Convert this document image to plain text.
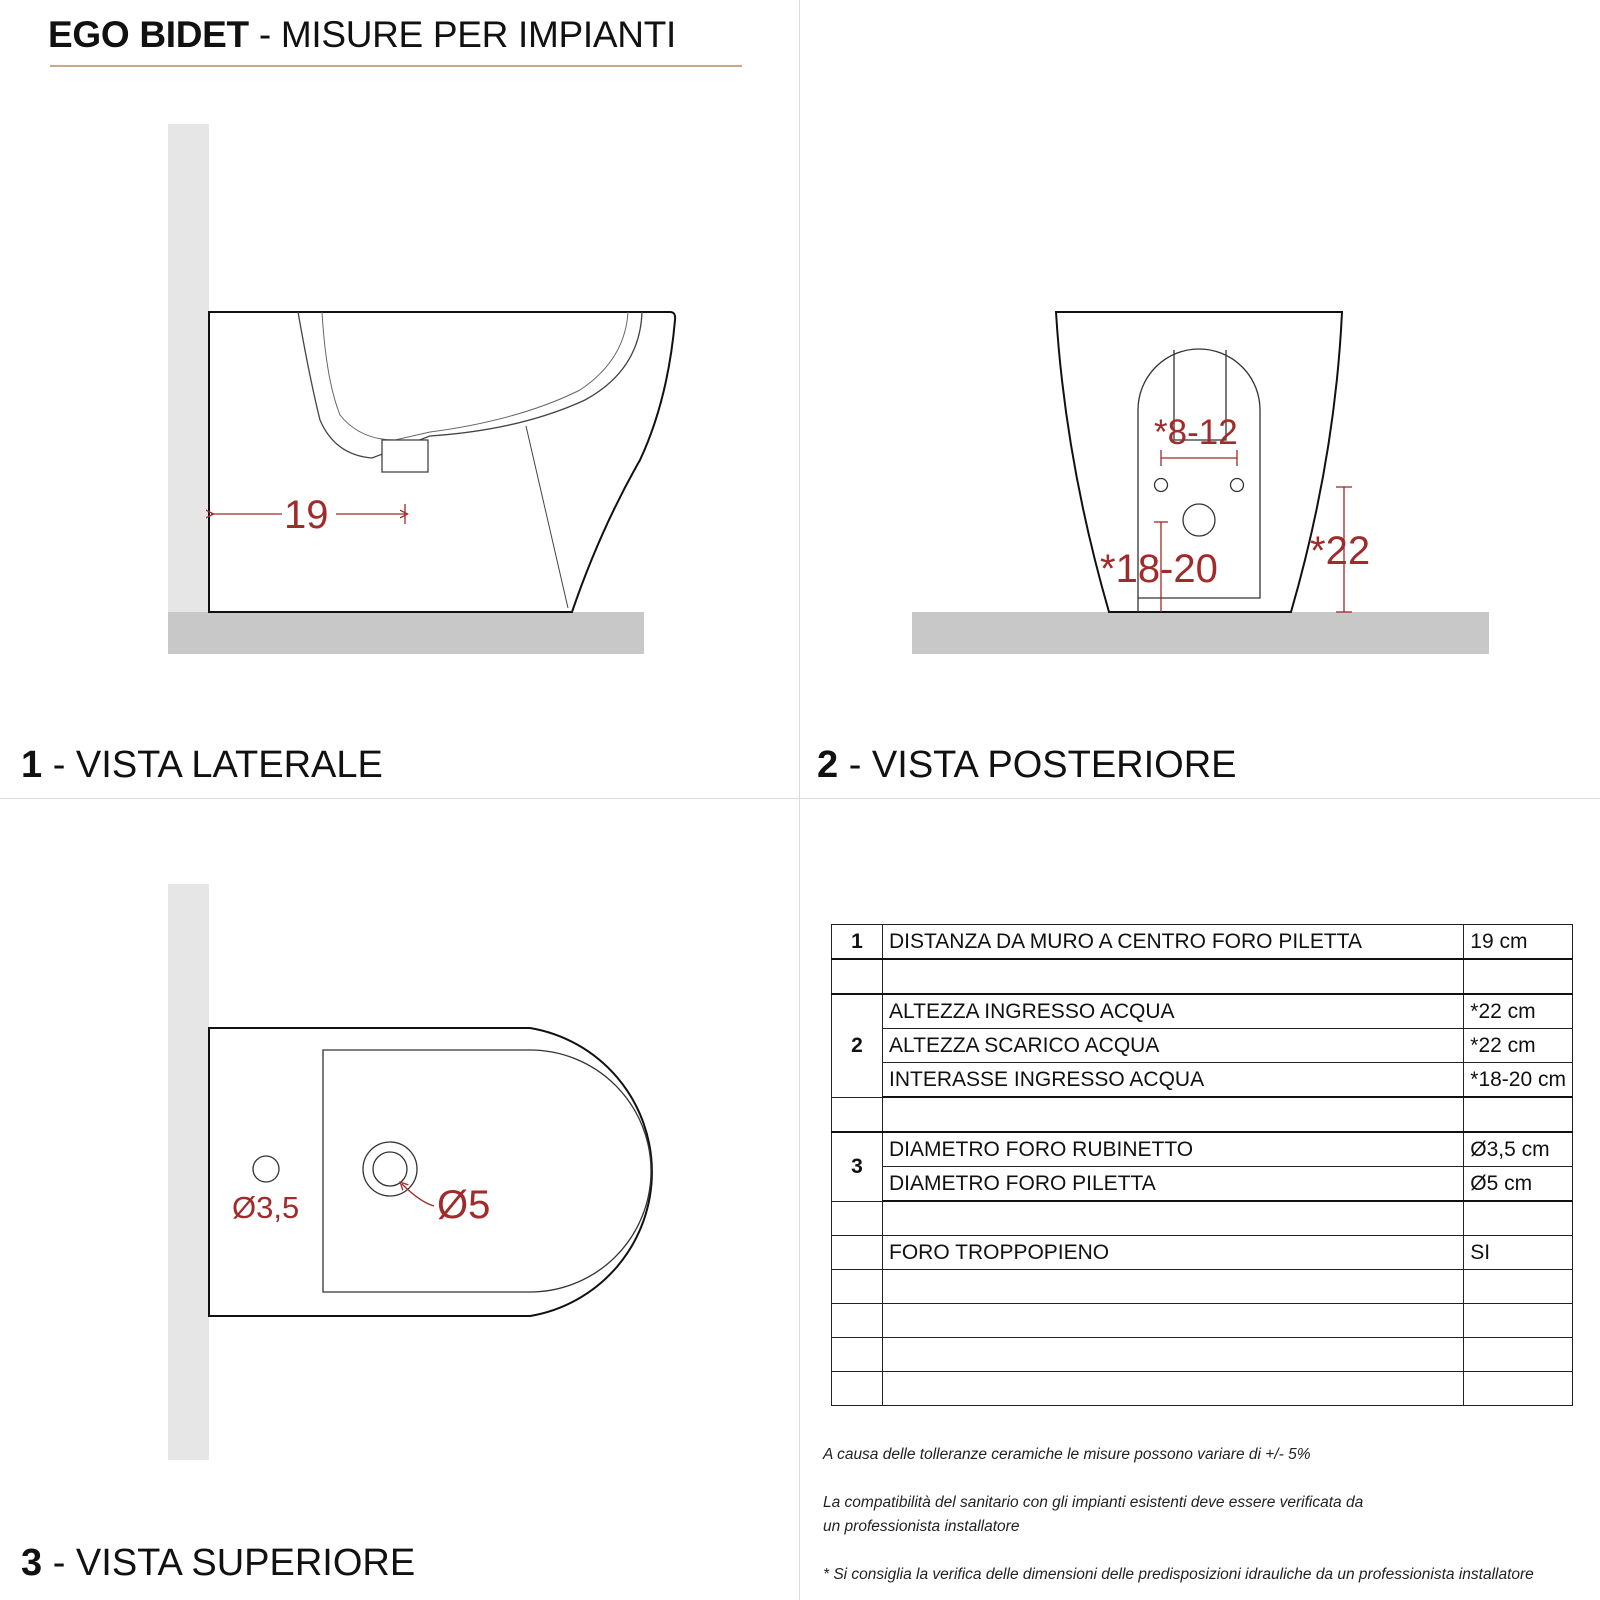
EGO BIDET - MISURE PER IMPIANTI
19
*8-12
*18-20 *22
Ø3,5	Ø5
1 - VISTA LATERALE	2 - VISTA POSTERIORE
3 - VISTA SUPERIORE
1	DISTANZA DA MURO A CENTRO FORO PILETTA	19 cm

2	ALTEZZA INGRESSO ACQUA	*22 cm
	ALTEZZA SCARICO ACQUA	*22 cm
	INTERASSE INGRESSO ACQUA	*18-20 cm

3	DIAMETRO FORO RUBINETTO	Ø3,5 cm
	DIAMETRO FORO PILETTA	Ø5 cm

	FORO TROPPOPIENO	SI

A causa delle tolleranze ceramiche le misure possono variare di +/- 5%
La compatibilità del sanitario con gli impianti esistenti deve essere verificata da
un professionista installatore
* Si consiglia la verifica delle dimensioni delle predisposizioni idrauliche da un professionista installatore
